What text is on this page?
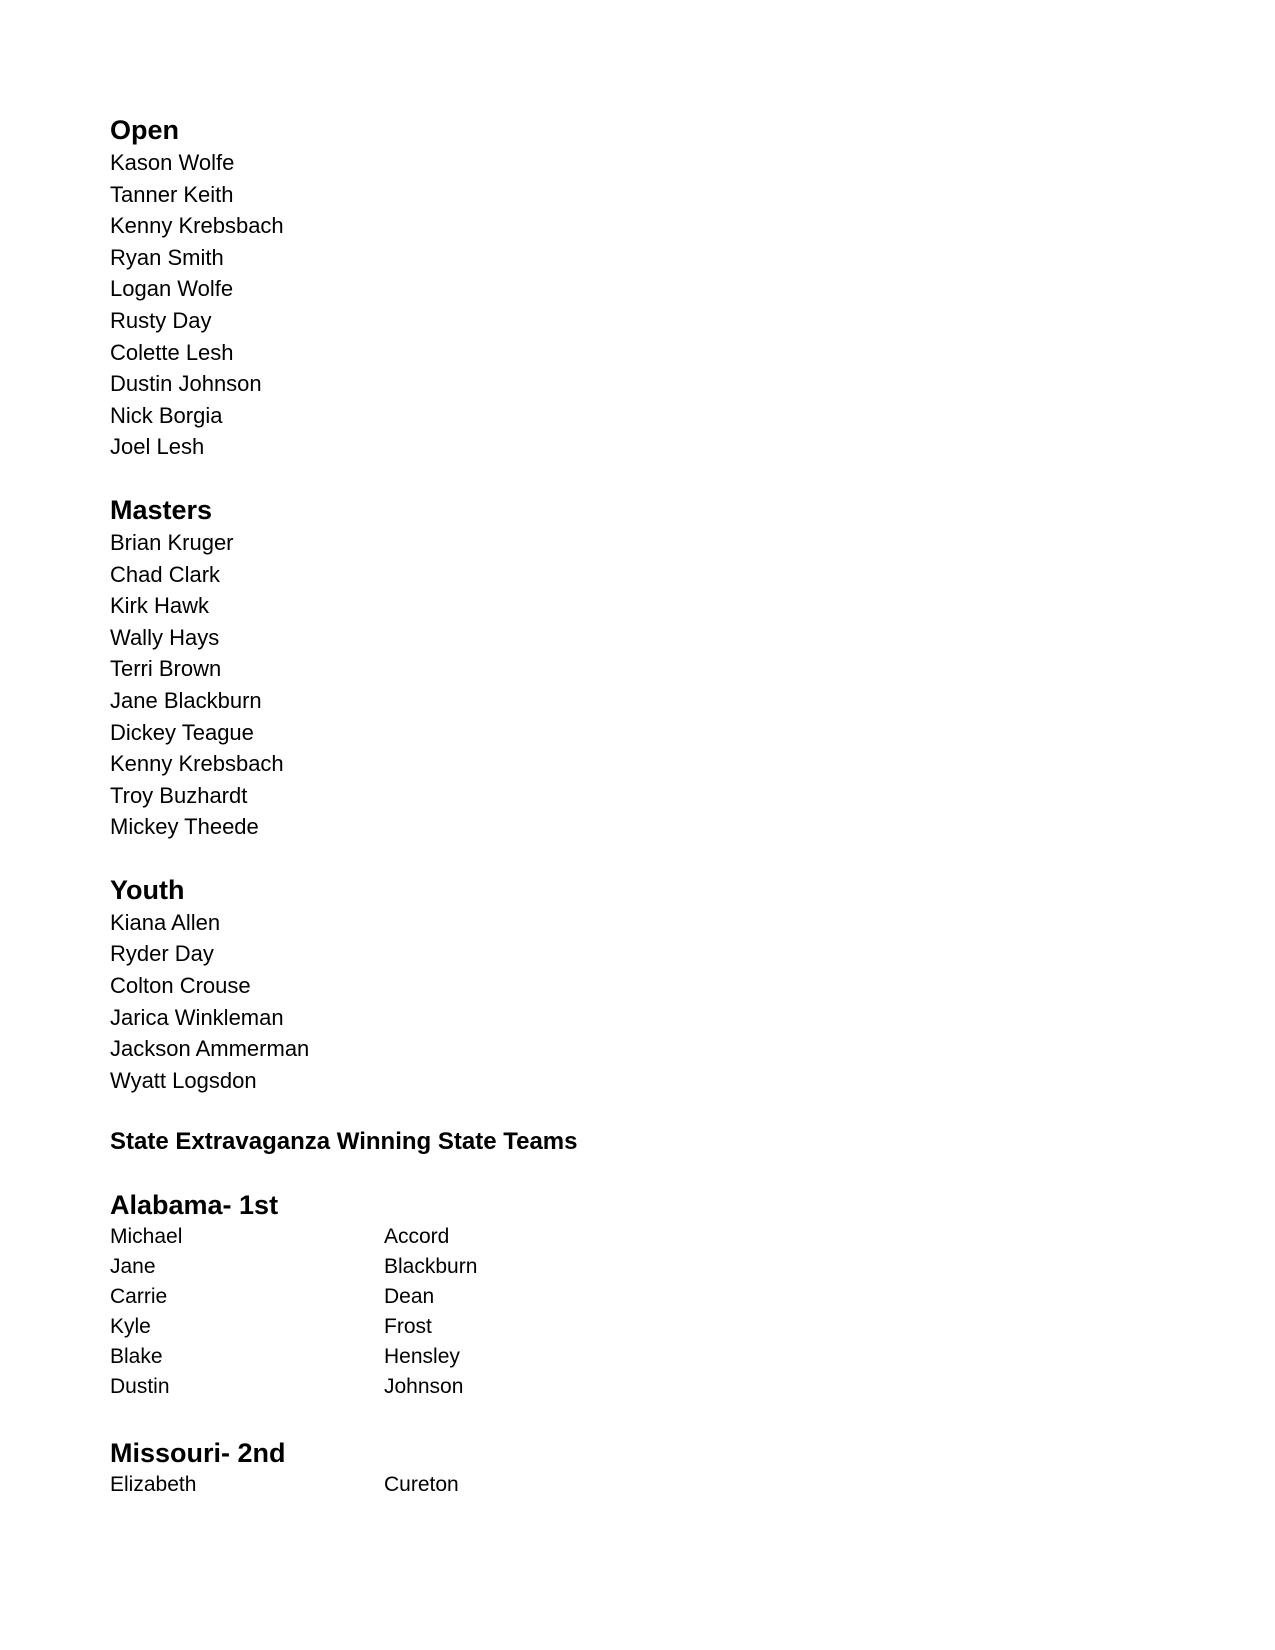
Open
Kason Wolfe
Tanner Keith
Kenny Krebsbach
Ryan Smith
Logan Wolfe
Rusty Day
Colette Lesh
Dustin Johnson
Nick Borgia
Joel Lesh
Masters
Brian Kruger
Chad Clark
Kirk Hawk
Wally Hays
Terri Brown
Jane Blackburn
Dickey Teague
Kenny Krebsbach
Troy Buzhardt
Mickey Theede
Youth
Kiana Allen
Ryder Day
Colton Crouse
Jarica Winkleman
Jackson Ammerman
Wyatt Logsdon
State Extravaganza Winning State Teams
Alabama- 1st
Michael	Accord
Jane	Blackburn
Carrie	Dean
Kyle	Frost
Blake	Hensley
Dustin	Johnson
Missouri- 2nd
Elizabeth	Cureton
